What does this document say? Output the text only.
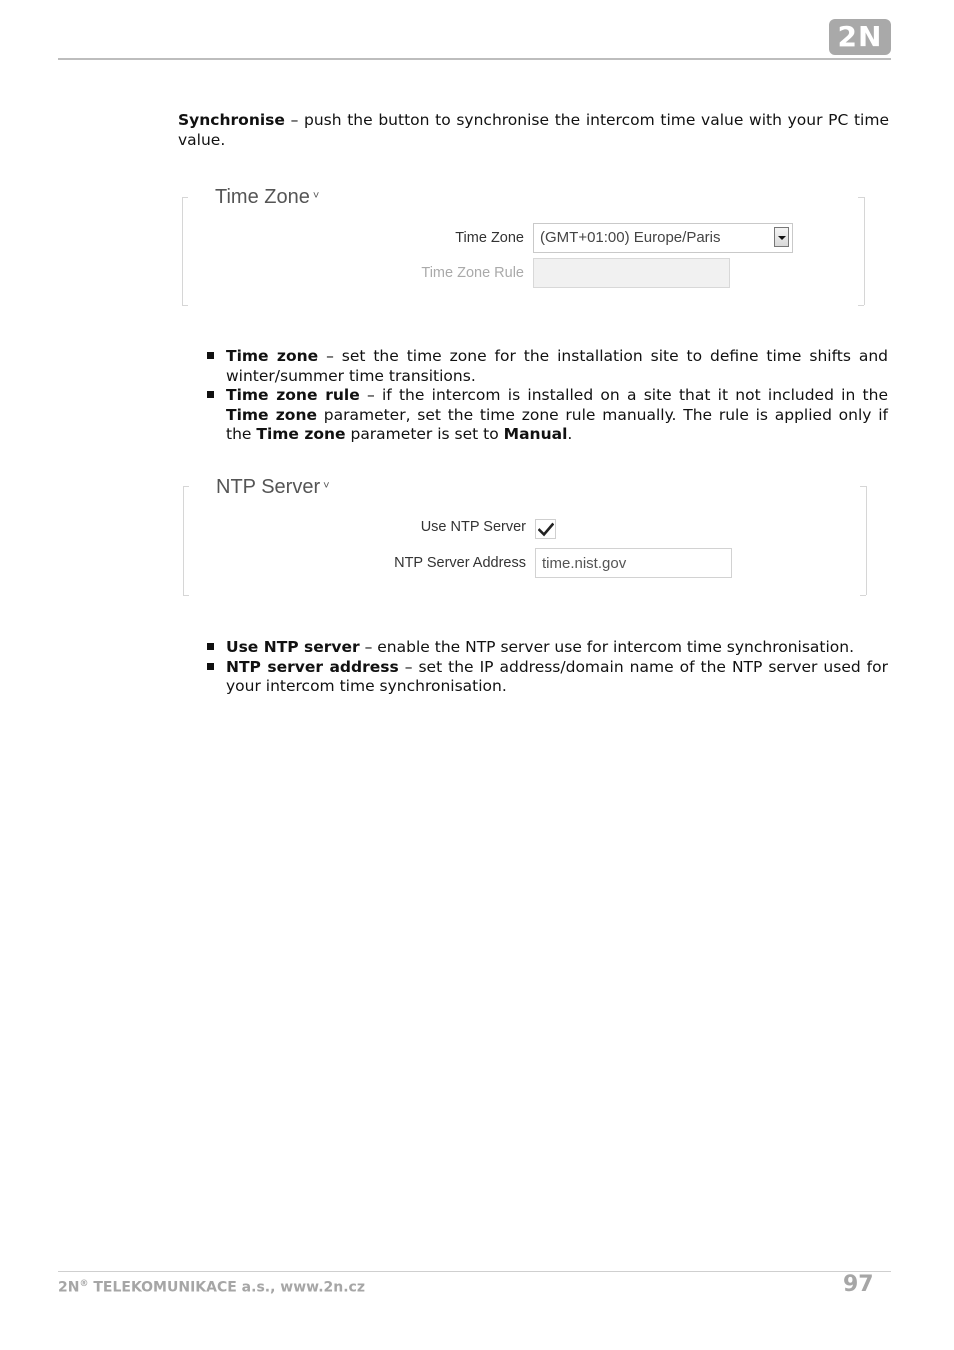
2N
Synchronise – push the button to synchronise the intercom time value with your PC time value.
Time Zone ˅
Time Zone (GMT+01:00) Europe/Paris
Time Zone Rule
Time zone – set the time zone for the installation site to define time shifts and winter/summer time transitions.
Time zone rule – if the intercom is installed on a site that it not included in the Time zone parameter, set the time zone rule manually. The rule is applied only if the Time zone parameter is set to Manual.
NTP Server ˅
Use NTP Server
NTP Server Address	time.nist.gov
Use NTP server – enable the NTP server use for intercom time synchronisation.
NTP server address – set the IP address/domain name of the NTP server used for your intercom time synchronisation.
2N® TELEKOMUNIKACE a.s., www.2n.cz	97
